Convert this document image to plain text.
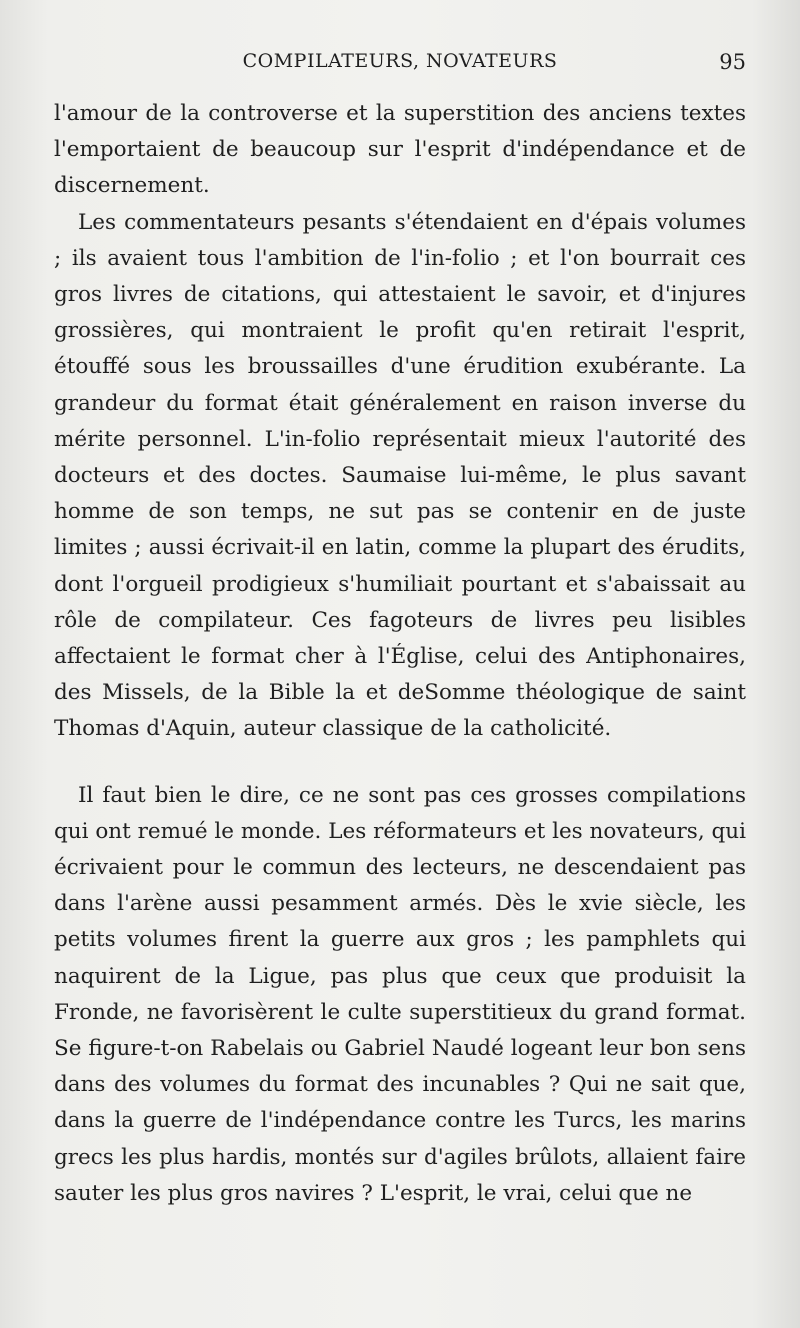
COMPILATEURS, NOVATEURS	95

l'amour de la controverse et la superstition des anciens textes l'emportaient de beaucoup sur l'esprit d'indépendance et de discernement.

Les commentateurs pesants s'étendaient en d'épais volumes ; ils avaient tous l'ambition de l'in-folio ; et l'on bourrait ces gros livres de citations, qui attestaient le savoir, et d'injures grossières, qui montraient le profit qu'en retirait l'esprit, étouffé sous les broussailles d'une érudition exubérante. La grandeur du format était généralement en raison inverse du mérite personnel. L'in-folio représentait mieux l'autorité des docteurs et des doctes. Saumaise lui-même, le plus savant homme de son temps, ne sut pas se contenir en de juste limites ; aussi écrivait-il en latin, comme la plupart des érudits, dont l'orgueil prodigieux s'humiliait pourtant et s'abaissait au rôle de compilateur. Ces fagoteurs de livres peu lisibles affectaient le format cher à l'Église, celui des Antiphonaires, des Missels, de la Bible la et deSomme théologique de saint Thomas d'Aquin, auteur classique de la catholicité.

Il faut bien le dire, ce ne sont pas ces grosses compilations qui ont remué le monde. Les réformateurs et les novateurs, qui écrivaient pour le commun des lecteurs, ne descendaient pas dans l'arène aussi pesamment armés. Dès le xvie siècle, les petits volumes firent la guerre aux gros ; les pamphlets qui naquirent de la Ligue, pas plus que ceux que produisit la Fronde, ne favorisèrent le culte superstitieux du grand format. Se figure-t-on Rabelais ou Gabriel Naudé logeant leur bon sens dans des volumes du format des incunables ? Qui ne sait que, dans la guerre de l'indépendance contre les Turcs, les marins grecs les plus hardis, montés sur d'agiles brûlots, allaient faire sauter les plus gros navires ? L'esprit, le vrai, celui que ne
